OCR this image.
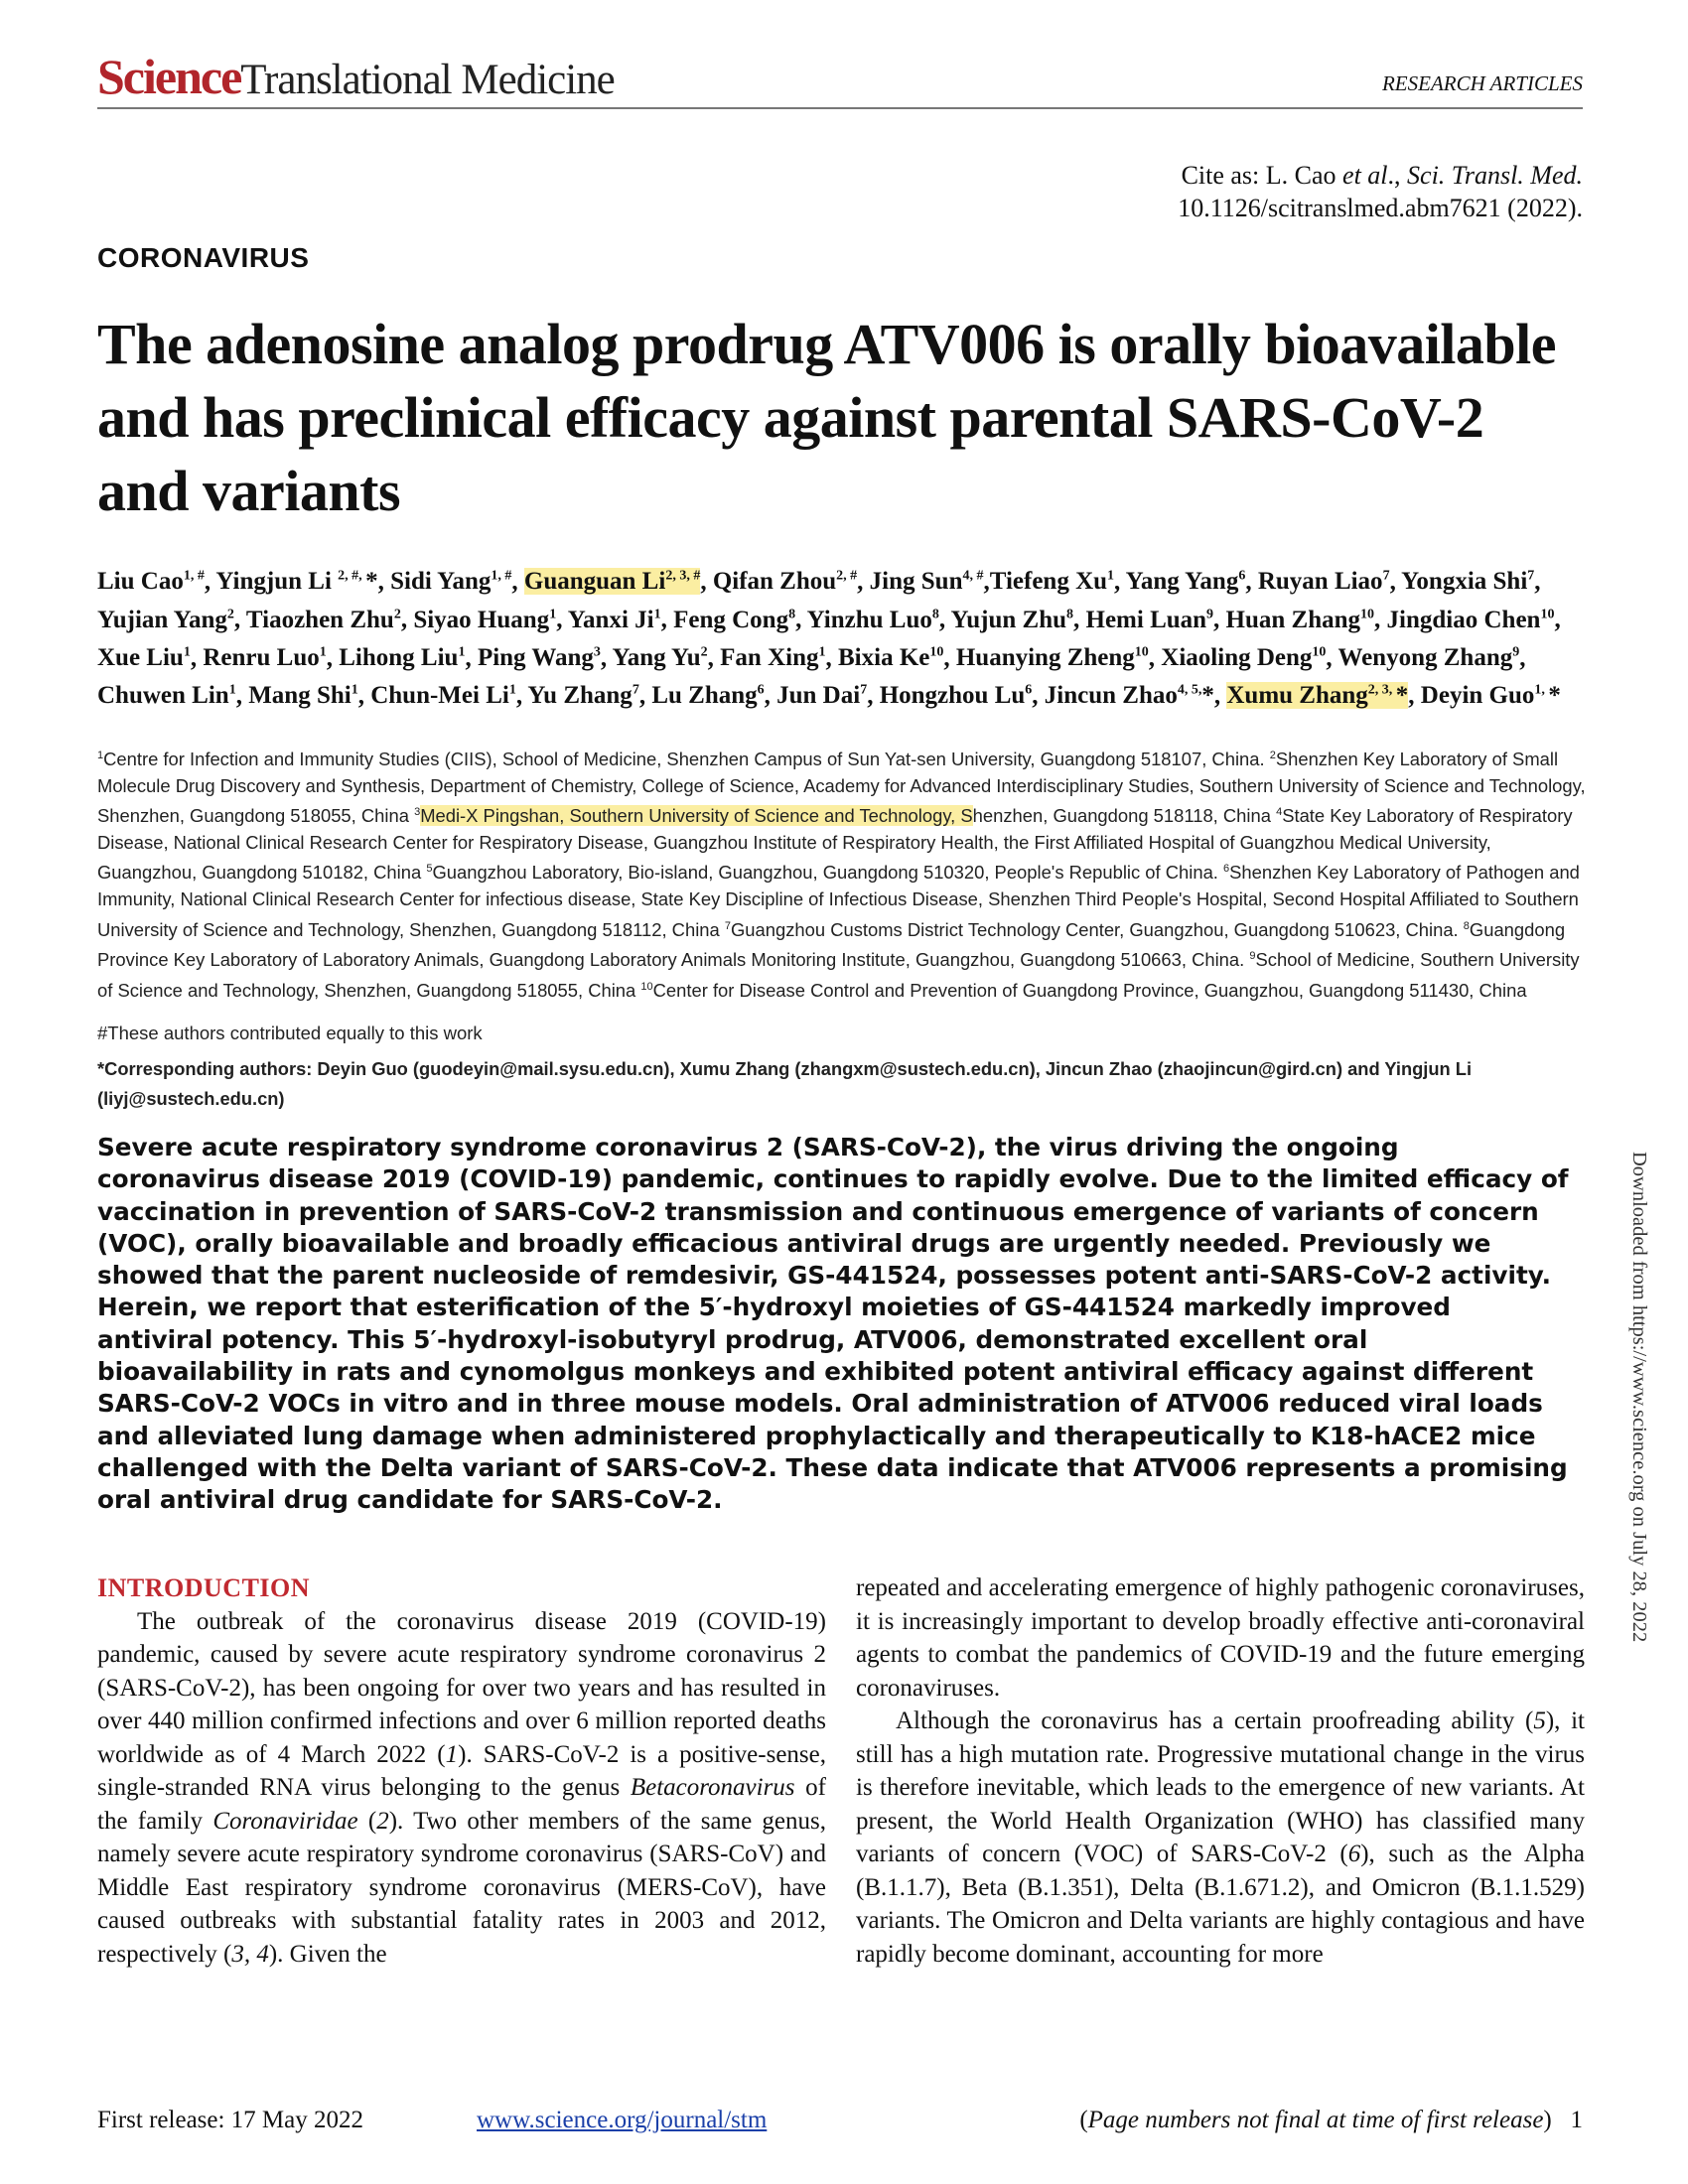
ScienceTranslational Medicine	RESEARCH ARTICLES
Cite as: L. Cao et al., Sci. Transl. Med.
10.1126/scitranslmed.abm7621 (2022).
CORONAVIRUS
The adenosine analog prodrug ATV006 is orally bioavailable and has preclinical efficacy against parental SARS-CoV-2 and variants
Liu Cao$^{1, \#}$, Yingjun Li $^{2, \#,}$ *, Sidi Yang$^{1, \#}$, Guanguan $Li^{2, 3, \#}$, Qifan Zhou$^{2, \#}$, Jing Sun$^{4, \#}$,Tiefeng Xu$^1$, Yang Yang$^6$, Ruyan Liao$^7$, Yongxia Shi$^7$, Yujian Yang$^2$, Tiaozhen Zhu$^2$, Siyao Huang$^1$, Yanxi Ji$^1$, Feng Cong$^8$, Yinzhu Luo$^8$, Yujun Zhu$^8$, Hemi Luan$^9$, Huan Zhang$^{10}$, Jingdiao Chen$^{10}$, Xue Liu$^1$, Renru Luo$^1$, Lihong Liu$^1$, Ping Wang$^3$, Yang Yu$^2$, Fan Xing$^1$, Bixia Ke$^{10}$, Huanying Zheng$^{10}$, Xiaoling Deng$^{10}$, Wenyong Zhang$^9$, Chuwen Lin$^1$, Mang Shi$^1$, Chun-Mei Li$^1$, Yu Zhang$^7$, Lu Zhang$^6$, Jun Dai$^7$, Hongzhou Lu$^6$, Jincun Zhao$^{4, 5,}$*, Xumu Zhang$^{2, 3,}$ *, Deyin Guo$^{1,}$ *
$^1$Centre for Infection and Immunity Studies (CIIS), School of Medicine, Shenzhen Campus of Sun Yat-sen University, Guangdong 518107, China. $^2$Shenzhen Key Laboratory of Small Molecule Drug Discovery and Synthesis, Department of Chemistry, College of Science, Academy for Advanced Interdisciplinary Studies, Southern University of Science and Technology, Shenzhen, Guangdong 518055, China $^3$Medi-X Pingshan, Southern University of Science and Technology, Shenzhen, Guangdong 518118, China $^4$State Key Laboratory of Respiratory Disease, National Clinical Research Center for Respiratory Disease, Guangzhou Institute of Respiratory Health, the First Affiliated Hospital of Guangzhou Medical University, Guangzhou, Guangdong 510182, China $^5$Guangzhou Laboratory, Bio-island, Guangzhou, Guangdong 510320, People's Republic of China. $^6$Shenzhen Key Laboratory of Pathogen and Immunity, National Clinical Research Center for infectious disease, State Key Discipline of Infectious Disease, Shenzhen Third People's Hospital, Second Hospital Affiliated to Southern University of Science and Technology, Shenzhen, Guangdong 518112, China $^7$Guangzhou Customs District Technology Center, Guangzhou, Guangdong 510623, China. $^8$Guangdong Province Key Laboratory of Laboratory Animals, Guangdong Laboratory Animals Monitoring Institute, Guangzhou, Guangdong 510663, China. $^9$School of Medicine, Southern University of Science and Technology, Shenzhen, Guangdong 518055, China $^{10}$Center for Disease Control and Prevention of Guangdong Province, Guangzhou, Guangdong 511430, China
#These authors contributed equally to this work
*Corresponding authors: Deyin Guo (guodeyin@mail.sysu.edu.cn), Xumu Zhang (zhangxm@sustech.edu.cn), Jincun Zhao (zhaojincun@gird.cn) and Yingjun Li (liyj@sustech.edu.cn)
Severe acute respiratory syndrome coronavirus 2 (SARS-CoV-2), the virus driving the ongoing coronavirus disease 2019 (COVID-19) pandemic, continues to rapidly evolve. Due to the limited efficacy of vaccination in prevention of SARS-CoV-2 transmission and continuous emergence of variants of concern (VOC), orally bioavailable and broadly efficacious antiviral drugs are urgently needed. Previously we showed that the parent nucleoside of remdesivir, GS-441524, possesses potent anti-SARS-CoV-2 activity. Herein, we report that esterification of the 5′-hydroxyl moieties of GS-441524 markedly improved antiviral potency. This 5′-hydroxyl-isobutyryl prodrug, ATV006, demonstrated excellent oral bioavailability in rats and cynomolgus monkeys and exhibited potent antiviral efficacy against different SARS-CoV-2 VOCs in vitro and in three mouse models. Oral administration of ATV006 reduced viral loads and alleviated lung damage when administered prophylactically and therapeutically to K18-hACE2 mice challenged with the Delta variant of SARS-CoV-2. These data indicate that ATV006 represents a promising oral antiviral drug candidate for SARS-CoV-2.	Downloaded from https://www.science.org on July 28, 2022
INTRODUCTION

The outbreak of the coronavirus disease 2019 (COVID-19) pandemic, caused by severe acute respiratory syndrome coronavirus 2 (SARS-CoV-2), has been ongoing for over two years and has resulted in over 440 million confirmed infections and over 6 million reported deaths worldwide as of 4 March 2022 (1). SARS-CoV-2 is a positive-sense, single-stranded RNA virus belonging to the genus Betacoronavirus of the family Coronaviridae (2). Two other members of the same genus, namely severe acute respiratory syndrome coronavirus (SARS-CoV) and Middle East respiratory syndrome coronavirus (MERS-CoV), have caused outbreaks with substantial fatality rates in 2003 and 2012, respectively (3, 4). Given the

repeated and accelerating emergence of highly pathogenic coronaviruses, it is increasingly important to develop broadly effective anti-coronaviral agents to combat the pandemics of COVID-19 and the future emerging coronaviruses.

Although the coronavirus has a certain proofreading ability (5), it still has a high mutation rate. Progressive mutational change in the virus is therefore inevitable, which leads to the emergence of new variants. At present, the World Health Organization (WHO) has classified many variants of concern (VOC) of SARS-CoV-2 (6), such as the Alpha (B.1.1.7), Beta (B.1.351), Delta (B.1.671.2), and Omicron (B.1.1.529) variants. The Omicron and Delta variants are highly contagious and have rapidly become dominant, accounting for more

First release: 17 May 2022	www.science.org/journal/stm	(Page numbers not final at time of first release)   1
